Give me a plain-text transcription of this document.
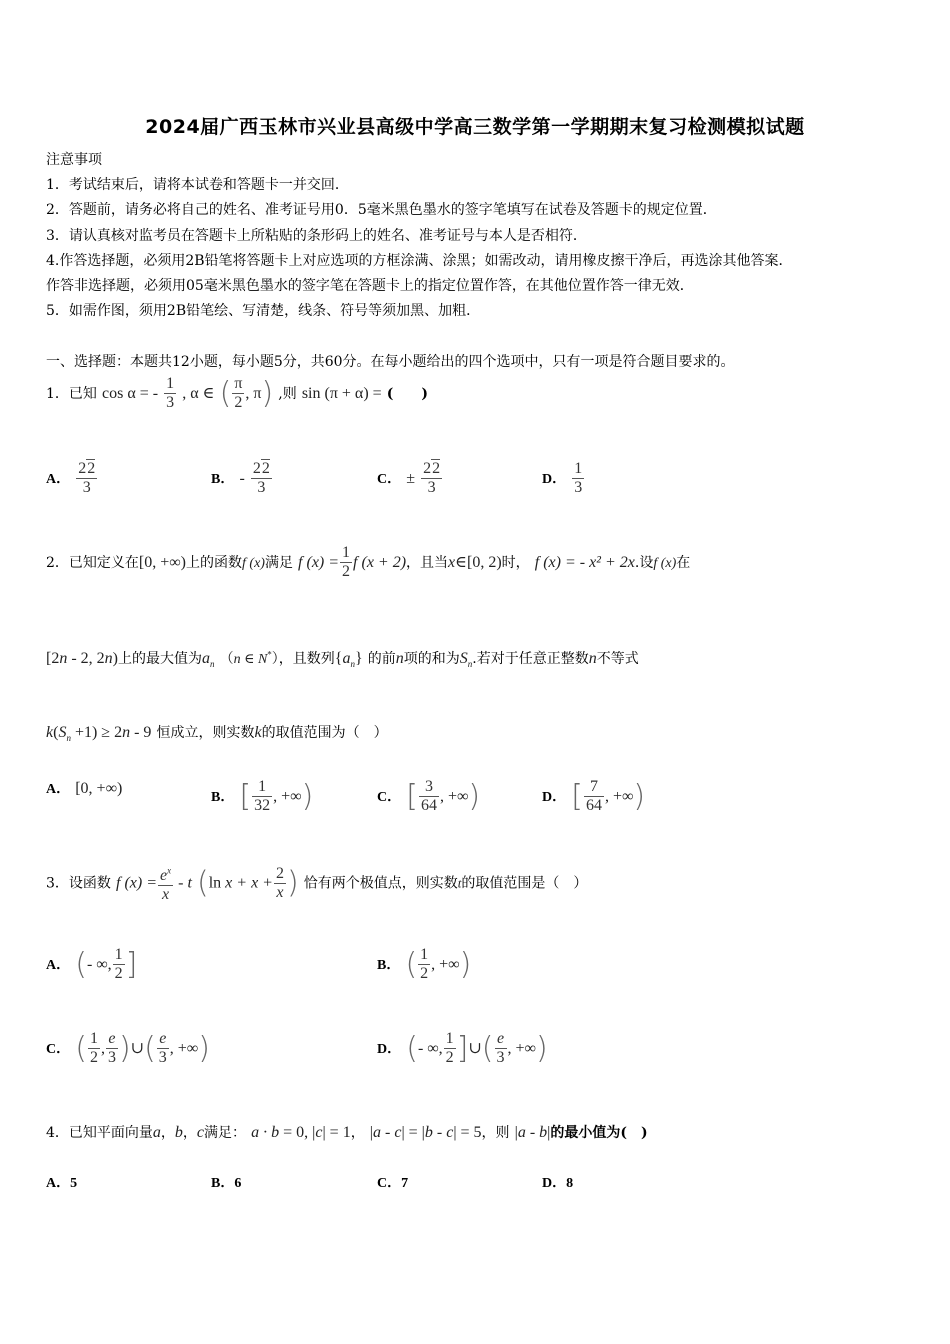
2024届广西玉林市兴业县高级中学高三数学第一学期期末复习检测模拟试题
注意事项
1．考试结束后，请将本试卷和答题卡一并交回．
2．答题前，请务必将自己的姓名、准考证号用0．5毫米黑色墨水的签字笔填写在试卷及答题卡的规定位置．
3．请认真核对监考员在答题卡上所粘贴的条形码上的姓名、准考证号与本人是否相符．
4.作答选择题，必须用2B铅笔将答题卡上对应选项的方框涂满、涂黑；如需改动，请用橡皮擦干净后，再选涂其他答案．
作答非选择题，必须用05毫米黑色墨水的签字笔在答题卡上的指定位置作答，在其他位置作答一律无效．
5．如需作图，须用2B铅笔绘、写清楚，线条、符号等须加黑、加粗．
一、选择题：本题共12小题，每小题5分，共60分。在每小题给出的四个选项中，只有一项是符合题目要求的。
1．已知 cos α = - $\frac{1}{3}$ , α ∈ ( $\frac{\pi}{2}$ , π) ,则 sin (π + α) = (　　)
A． $\frac{22}{3}$	B． - $\frac{22}{3}$	C． ± $\frac{22}{3}$	D． $\frac{1}{3}$
2．已知定义在[0, +∞)上的函数f (x)满足 f $(x) = \frac{1}{2}$ f (x + 2)，且当x∈[0, 2)时， f (x) = - x² + 2x.设f (x)在
[2n - 2, 2n)上的最大值为$a_n$ （n ∈ N*），且数列$\{a_n\}$ 的前n项的和为$S_n$.若对于任意正整数n不等式
$k(S_n +1) \ge 2n - 9$ 恒成立，则实数k的取值范围为（　）
A． [0, +∞)
B． [ $\frac{1}{32}$ , +∞)	C． [ $\frac{3}{64}$ , +∞)	D． [ $\frac{7}{64}$ , +∞)
3．设函数 f $(x) = \frac{e^x}{x} - t$ (ln $x + x + \frac{2}{x}$ ) 恰有两个极值点，则实数t的取值范围是（　）
A． (- ∞, $\frac{1}{2}$ ]	B． ( $\frac{1}{2}$ , +∞)
C． ( $\frac{1}{2}$ , $\frac{e}{3}$ )∪( $\frac{e}{3}$ , +∞)	D． (- ∞, $\frac{1}{2}$ ]∪( $\frac{e}{3}$ , +∞)
4．已知平面向量a，b，c满足： a · b = 0, |c| = 1， |a - c| = |b - c| = 5，则 |a - b|的最小值为(　)
A．5	B．6	C．7	D．8
